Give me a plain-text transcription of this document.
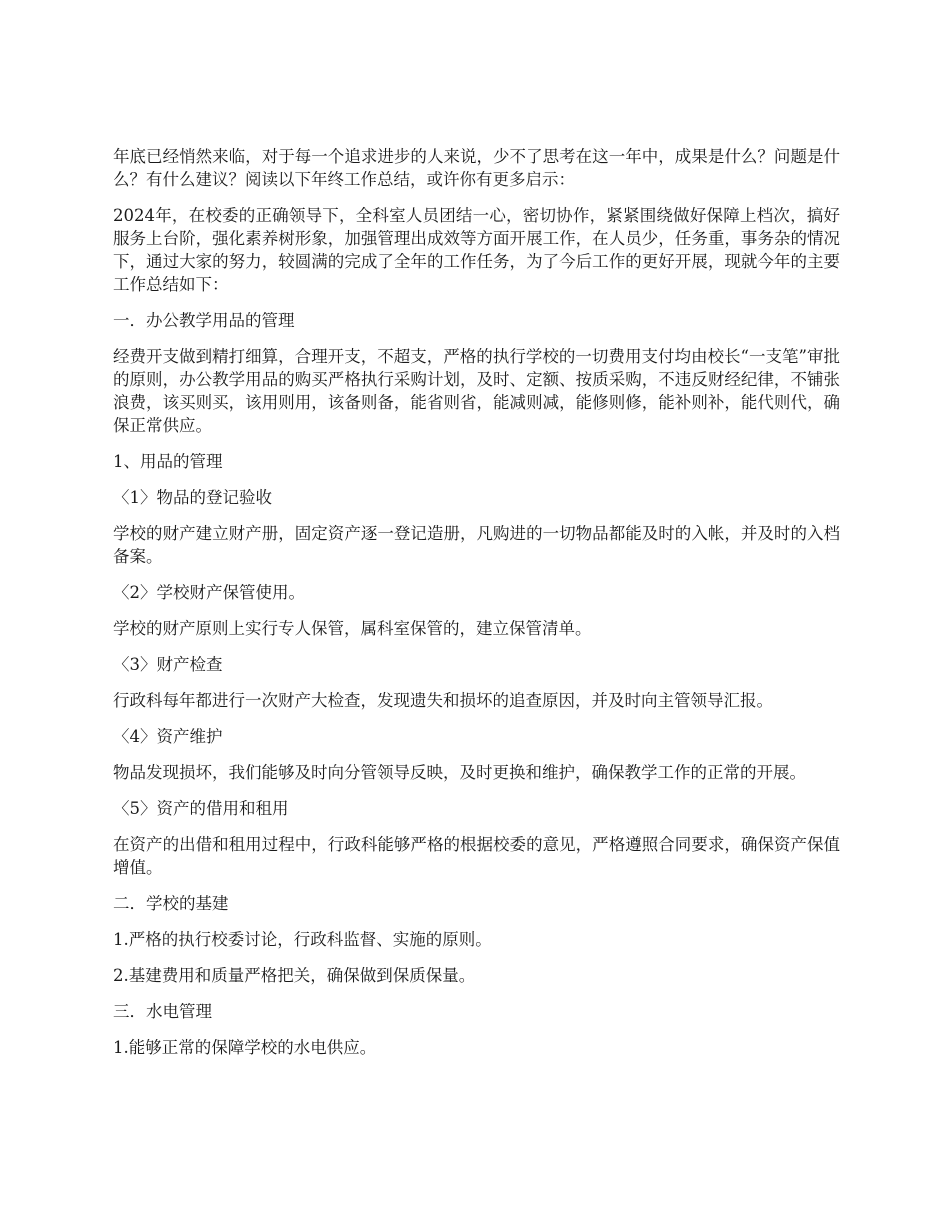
年底已经悄然来临，对于每一个追求进步的人来说，少不了思考在这一年中，成果是什么？问题是什么？有什么建议？阅读以下年终工作总结，或许你有更多启示：

2024年，在校委的正确领导下，全科室人员团结一心，密切协作，紧紧围绕做好保障上档次，搞好服务上台阶，强化素养树形象，加强管理出成效等方面开展工作，在人员少，任务重，事务杂的情况下，通过大家的努力，较圆满的完成了全年的工作任务，为了今后工作的更好开展，现就今年的主要工作总结如下：

一．办公教学用品的管理

经费开支做到精打细算，合理开支，不超支，严格的执行学校的一切费用支付均由校长“一支笔”审批的原则，办公教学用品的购买严格执行采购计划，及时、定额、按质采购，不违反财经纪律，不铺张浪费，该买则买，该用则用，该备则备，能省则省，能减则减，能修则修，能补则补，能代则代，确保正常供应。

1、用品的管理

〈1〉物品的登记验收

学校的财产建立财产册，固定资产逐一登记造册，凡购进的一切物品都能及时的入帐，并及时的入档备案。

〈2〉学校财产保管使用。

学校的财产原则上实行专人保管，属科室保管的，建立保管清单。

〈3〉财产检查

行政科每年都进行一次财产大检查，发现遗失和损坏的追查原因，并及时向主管领导汇报。

〈4〉资产维护

物品发现损坏，我们能够及时向分管领导反映，及时更换和维护，确保教学工作的正常的开展。

〈5〉资产的借用和租用

在资产的出借和租用过程中，行政科能够严格的根据校委的意见，严格遵照合同要求，确保资产保值增值。

二．学校的基建

1.严格的执行校委讨论，行政科监督、实施的原则。

2.基建费用和质量严格把关，确保做到保质保量。

三．水电管理

1.能够正常的保障学校的水电供应。
